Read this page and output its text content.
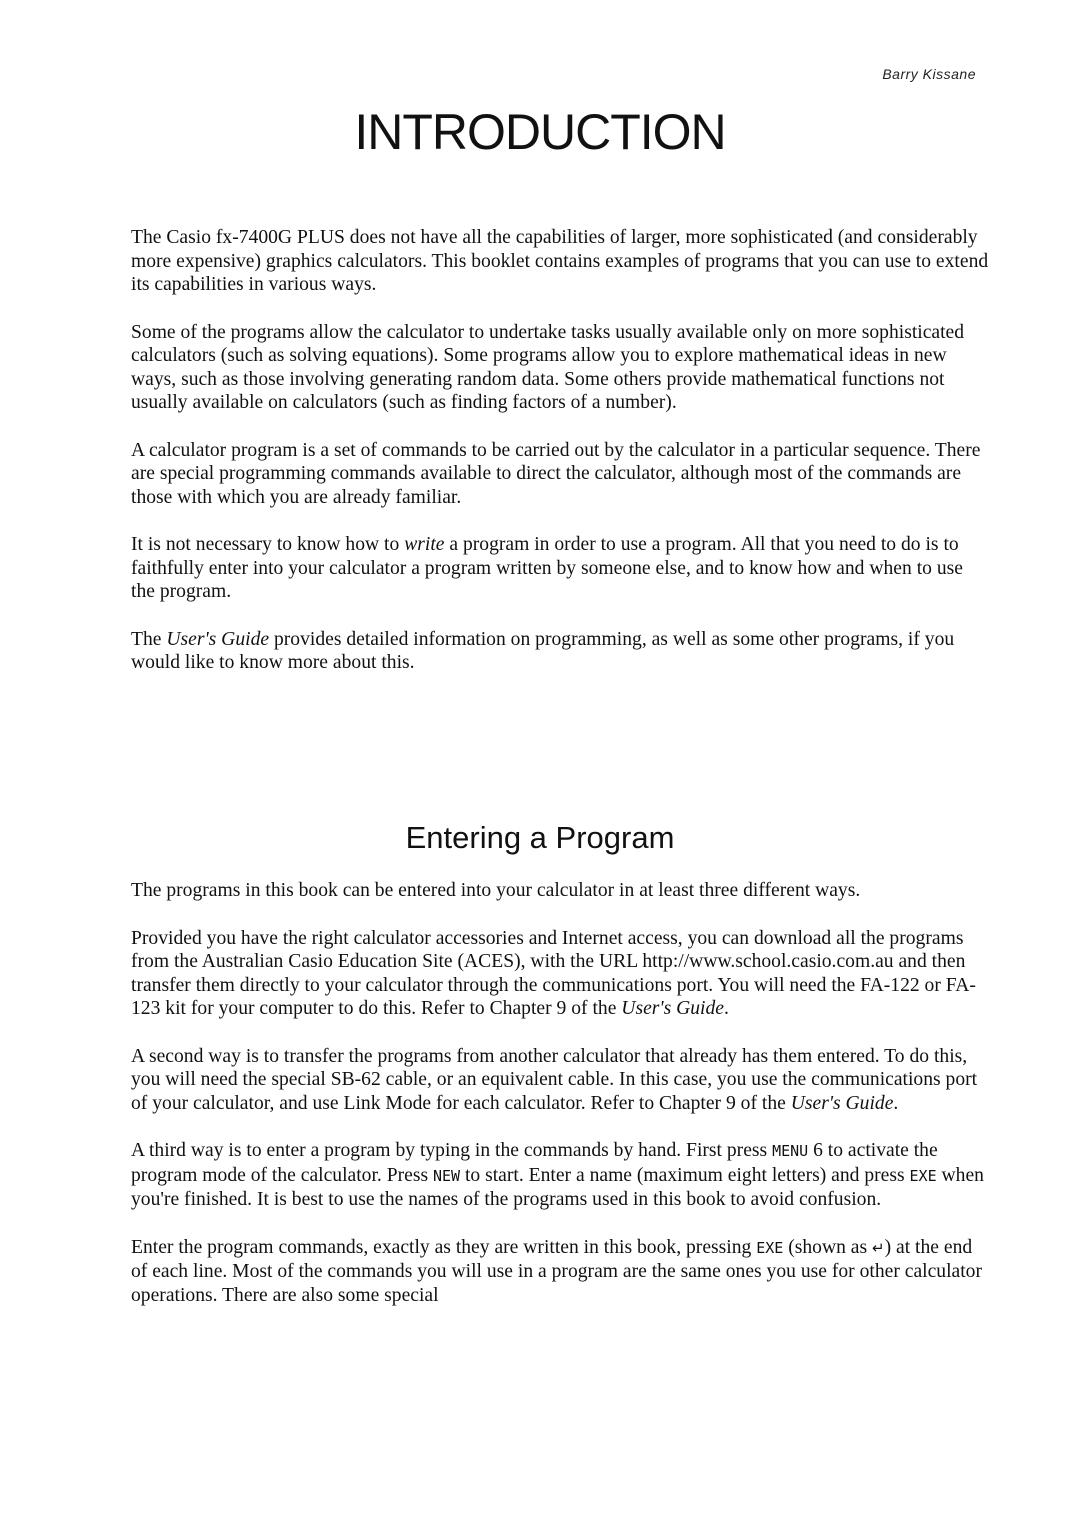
Barry Kissane
INTRODUCTION

The Casio fx-7400G PLUS does not have all the capabilities of larger, more sophisticated (and considerably more expensive) graphics calculators. This booklet contains examples of programs that you can use to extend its capabilities in various ways.

Some of the programs allow the calculator to undertake tasks usually available only on more sophisticated calculators (such as solving equations). Some programs allow you to explore mathematical ideas in new ways, such as those involving generating random data. Some others provide mathematical functions not usually available on calculators (such as finding factors of a number).

A calculator program is a set of commands to be carried out by the calculator in a particular sequence. There are special programming commands available to direct the calculator, although most of the commands are those with which you are already familiar.

It is not necessary to know how to write a program in order to use a program. All that you need to do is to faithfully enter into your calculator a program written by someone else, and to know how and when to use the program.

The User's Guide provides detailed information on programming, as well as some other programs, if you would like to know more about this.

Entering a Program

The programs in this book can be entered into your calculator in at least three different ways.

Provided you have the right calculator accessories and Internet access, you can download all the programs from the Australian Casio Education Site (ACES), with the URL http://www.school.casio.com.au and then transfer them directly to your calculator through the communications port. You will need the FA-122 or FA-123 kit for your computer to do this. Refer to Chapter 9 of the User's Guide.

A second way is to transfer the programs from another calculator that already has them entered. To do this, you will need the special SB-62 cable, or an equivalent cable. In this case, you use the communications port of your calculator, and use Link Mode for each calculator. Refer to Chapter 9 of the User's Guide.

A third way is to enter a program by typing in the commands by hand. First press MENU 6 to activate the program mode of the calculator. Press NEW to start. Enter a name (maximum eight letters) and press EXE when you're finished. It is best to use the names of the programs used in this book to avoid confusion.

Enter the program commands, exactly as they are written in this book, pressing EXE (shown as ↵) at the end of each line. Most of the commands you will use in a program are the same ones you use for other calculator operations. There are also some special
